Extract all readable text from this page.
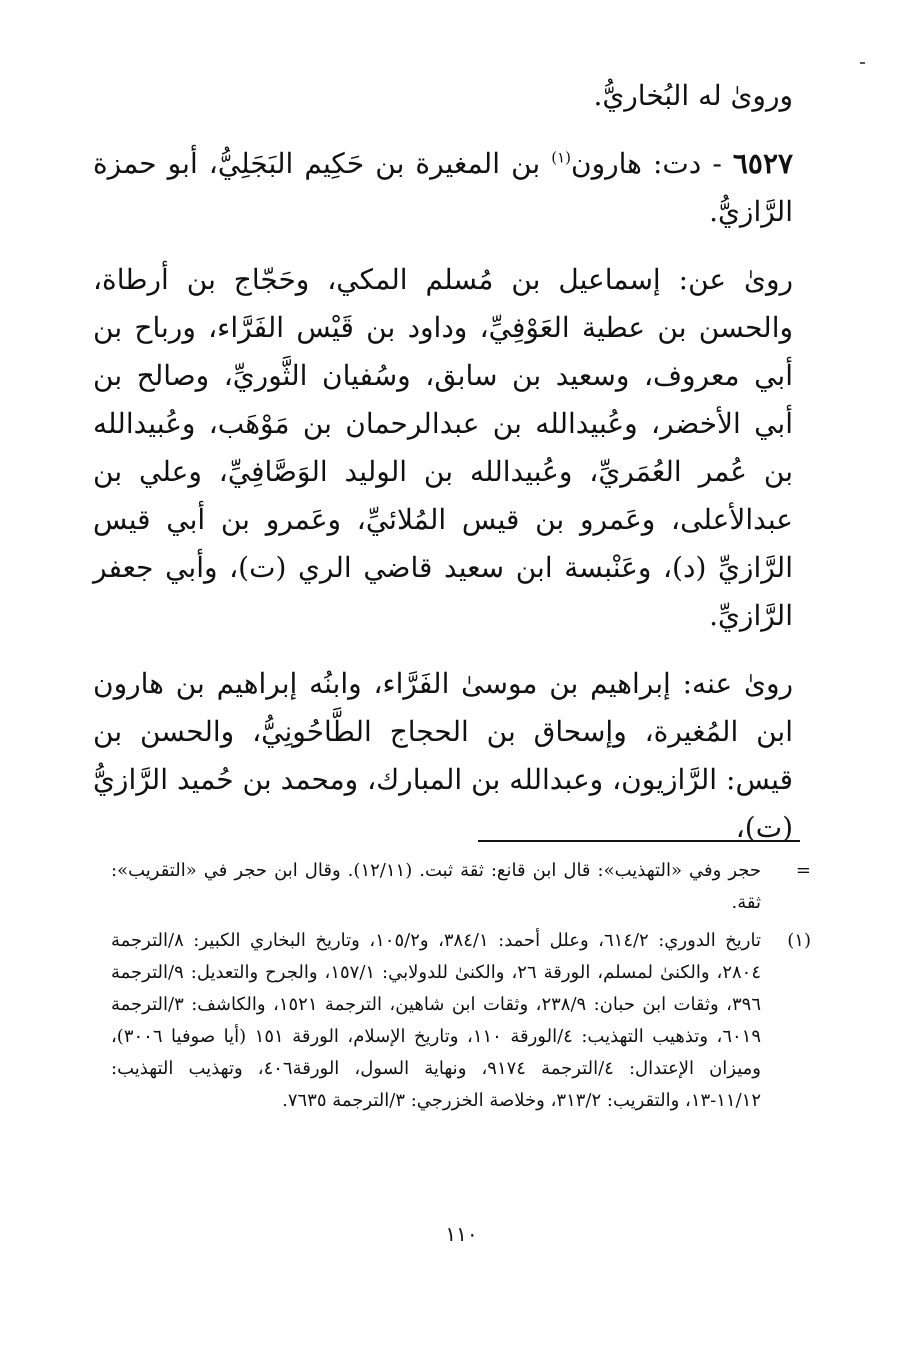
وروىٰ له البُخاريُّ.

٦٥٢٧ - دت: هارون$^{(١)}$ بن المغيرة بن حَكِيم البَجَلِيُّ، أبو حمزة الرَّازيُّ.

روىٰ عن: إسماعيل بن مُسلم المكي، وحَجّاج بن أرطاة، والحسن بن عطية العَوْفِيِّ، وداود بن قَيْس الفَرَّاء، ورباح بن أبي معروف، وسعيد بن سابق، وسُفيان الثَّوريِّ، وصالح بن أبي الأخضر، وعُبيدالله بن عبدالرحمان بن مَوْهَب، وعُبيدالله بن عُمر العُمَريِّ، وعُبيدالله بن الوليد الوَصَّافِيِّ، وعلي بن عبدالأعلى، وعَمرو بن قيس المُلائيِّ، وعَمرو بن أبي قيس الرَّازيِّ (د)، وعَنْبسة ابن سعيد قاضي الري (ت)، وأبي جعفر الرَّازيِّ.

روىٰ عنه: إبراهيم بن موسىٰ الفَرَّاء، وابنُه إبراهيم بن هارون ابن المُغيرة، وإسحاق بن الحجاج الطَّاحُونِيُّ، والحسن بن قيس: الرَّازيون، وعبدالله بن المبارك، ومحمد بن حُميد الرَّازيُّ (ت)،

=
حجر وفي «التهذيب»: قال ابن قانع: ثقة ثبت. (١٢/١١). وقال ابن حجر في «التقريب»: ثقة.
(١)
تاريخ الدوري: ٦١٤/٢، وعلل أحمد: ٣٨٤/١، و١٠٥/٢، وتاريخ البخاري الكبير: ٨/الترجمة ٢٨٠٤، والكنىٰ لمسلم، الورقة ٢٦، والكنىٰ للدولابي: ١٥٧/١، والجرح والتعديل: ٩/الترجمة ٣٩٦، وثقات ابن حبان: ٢٣٨/٩، وثقات ابن شاهين، الترجمة ١٥٢١، والكاشف: ٣/الترجمة ٦٠١٩، وتذهيب التهذيب: ٤/الورقة ١١٠، وتاريخ الإسلام، الورقة ١٥١ (أيا صوفيا ٣٠٠٦)، وميزان الإعتدال: ٤/الترجمة ٩١٧٤، ونهاية السول، الورقة٤٠٦، وتهذيب التهذيب: ١١/١٢-١٣، والتقريب: ٣١٣/٢، وخلاصة الخزرجي: ٣/الترجمة ٧٦٣٥.
١١٠
